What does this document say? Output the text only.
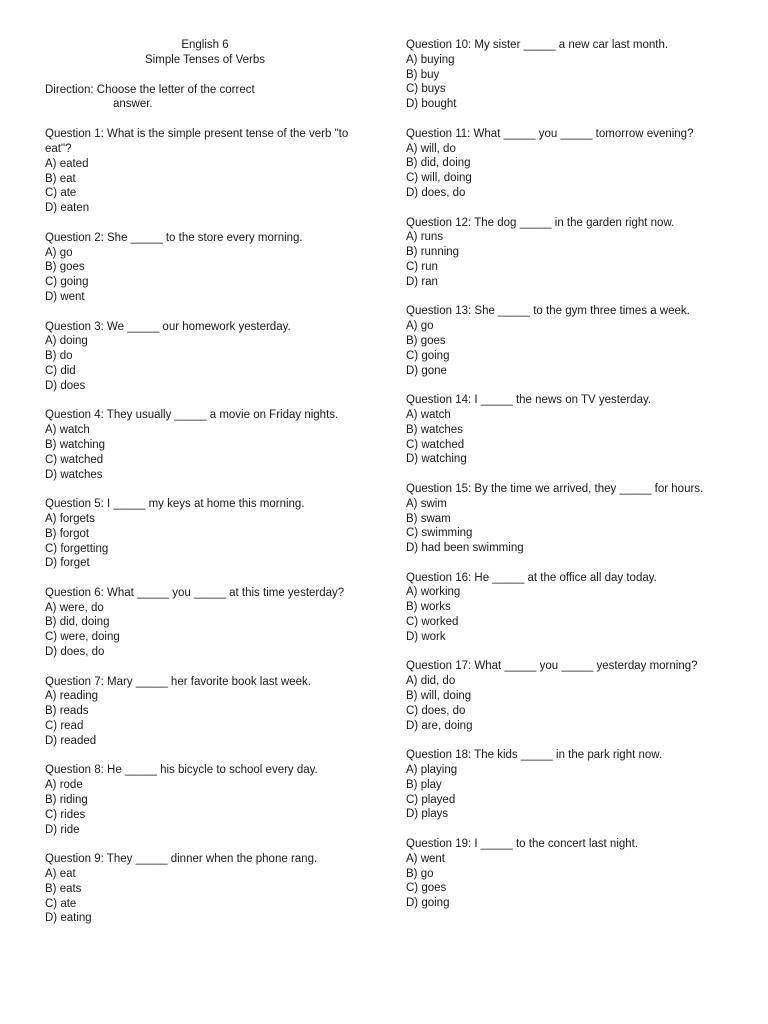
English 6
Simple Tenses of Verbs
Direction: Choose the letter of the correct
answer.
Question 1: What is the simple present tense of the verb "to eat"?
A) eated
B) eat
C) ate
D) eaten
Question 2: She _____ to the store every morning.
A) go
B) goes
C) going
D) went
Question 3: We _____ our homework yesterday.
A) doing
B) do
C) did
D) does
Question 4: They usually _____ a movie on Friday nights.
A) watch
B) watching
C) watched
D) watches
Question 5: I _____ my keys at home this morning.
A) forgets
B) forgot
C) forgetting
D) forget
Question 6: What _____ you _____ at this time yesterday?
A) were, do
B) did, doing
C) were, doing
D) does, do
Question 7: Mary _____ her favorite book last week.
A) reading
B) reads
C) read
D) readed
Question 8: He _____ his bicycle to school every day.
A) rode
B) riding
C) rides
D) ride
Question 9: They _____ dinner when the phone rang.
A) eat
B) eats
C) ate
D) eating
Question 10: My sister _____ a new car last month.
A) buying
B) buy
C) buys
D) bought
Question 11: What _____ you _____ tomorrow evening?
A) will, do
B) did, doing
C) will, doing
D) does, do
Question 12: The dog _____ in the garden right now.
A) runs
B) running
C) run
D) ran
Question 13: She _____ to the gym three times a week.
A) go
B) goes
C) going
D) gone
Question 14: I _____ the news on TV yesterday.
A) watch
B) watches
C) watched
D) watching
Question 15: By the time we arrived, they _____ for hours.
A) swim
B) swam
C) swimming
D) had been swimming
Question 16: He _____ at the office all day today.
A) working
B) works
C) worked
D) work
Question 17: What _____ you _____ yesterday morning?
A) did, do
B) will, doing
C) does, do
D) are, doing
Question 18: The kids _____ in the park right now.
A) playing
B) play
C) played
D) plays
Question 19: I _____ to the concert last night.
A) went
B) go
C) goes
D) going
